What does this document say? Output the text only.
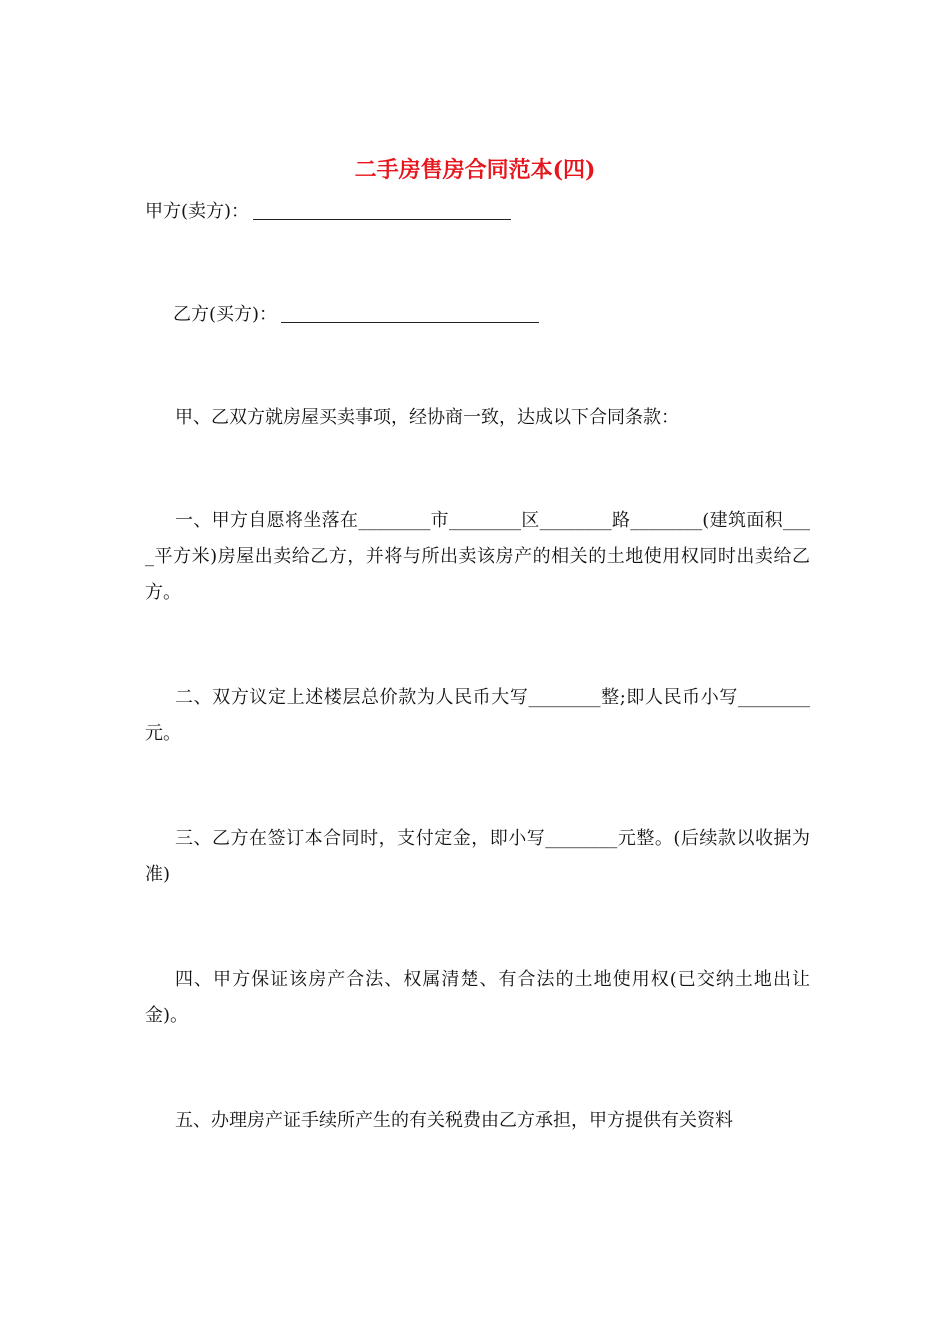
二手房售房合同范本(四)
甲方(卖方)：
乙方(买方)：
甲、乙双方就房屋买卖事项，经协商一致，达成以下合同条款：
一、甲方自愿将坐落在________市________区________路________(建筑面积____平方米)房屋出卖给乙方，并将与所出卖该房产的相关的土地使用权同时出卖给乙方。
二、双方议定上述楼层总价款为人民币大写________整;即人民币小写________元。
三、乙方在签订本合同时，支付定金，即小写________元整。(后续款以收据为准)
四、甲方保证该房产合法、权属清楚、有合法的土地使用权(已交纳土地出让金)。
五、办理房产证手续所产生的有关税费由乙方承担，甲方提供有关资料
